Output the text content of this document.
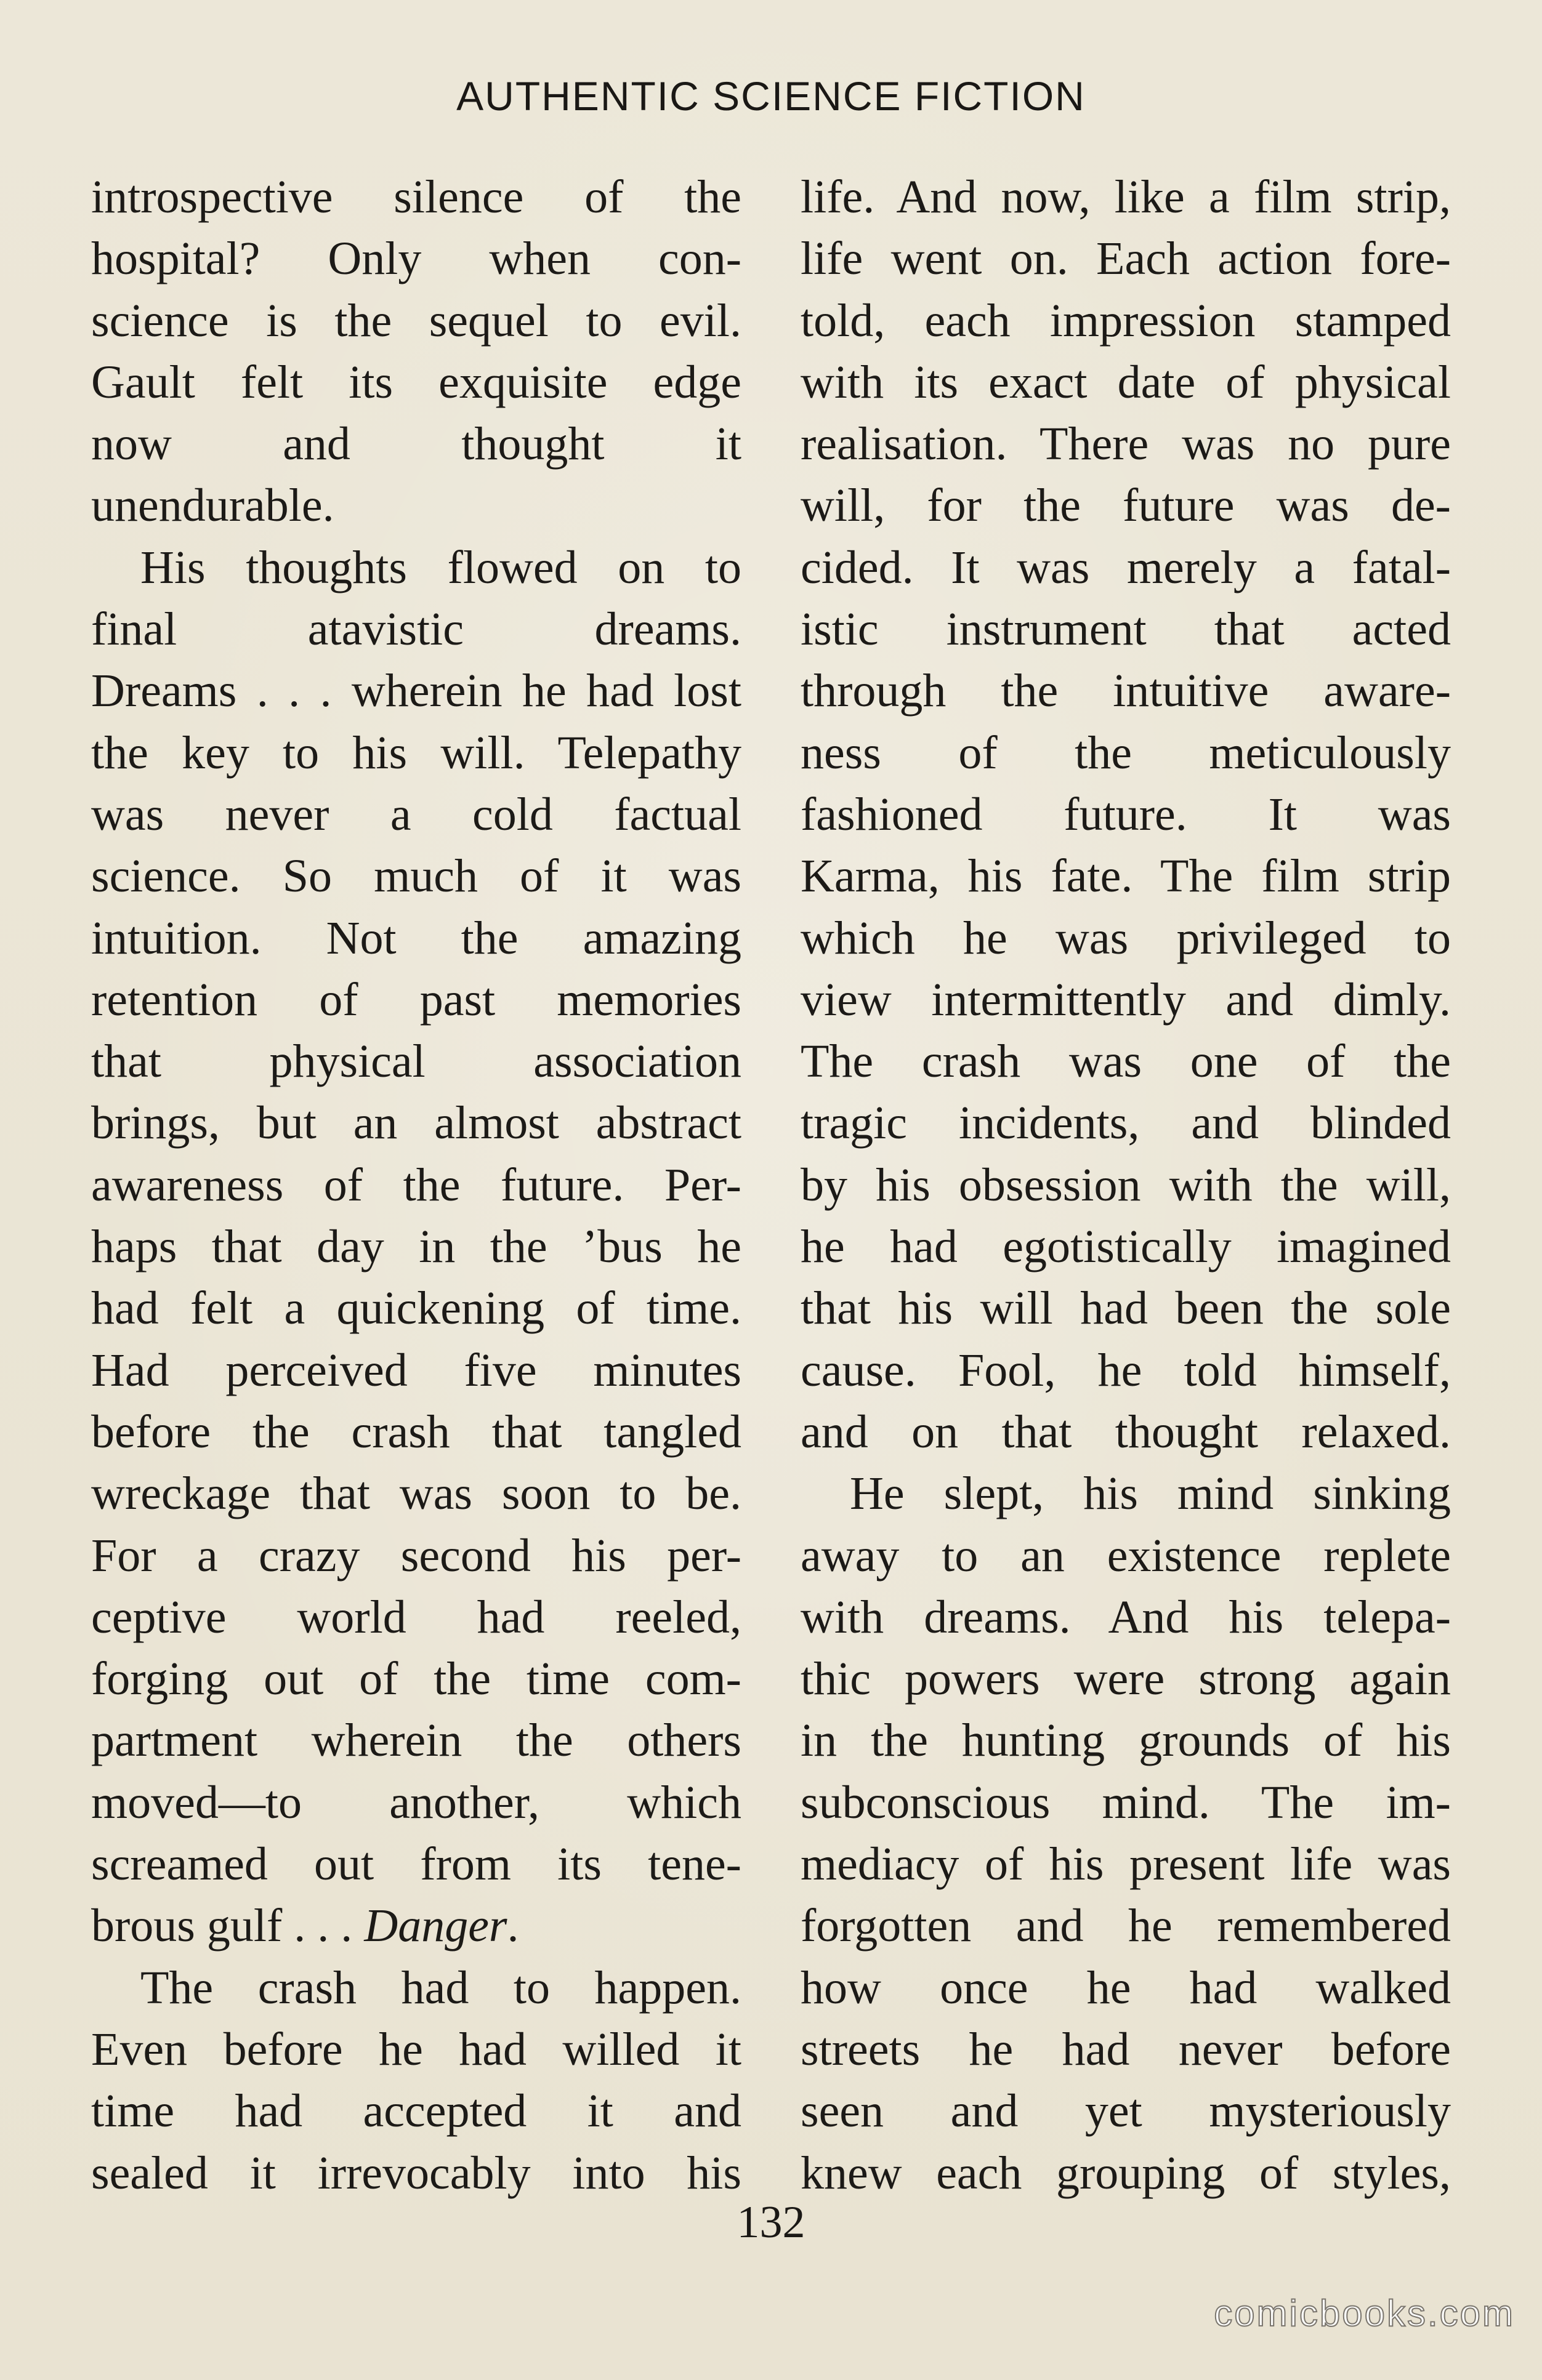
AUTHENTIC SCIENCE FICTION
introspective silence of the
hospital? Only when con-
science is the sequel to evil.
Gault felt its exquisite edge
now and thought it
unendurable.
His thoughts flowed on to
final atavistic dreams.
Dreams . . . wherein he had lost
the key to his will. Telepathy
was never a cold factual
science. So much of it was
intuition. Not the amazing
retention of past memories
that physical association
brings, but an almost abstract
awareness of the future. Per-
haps that day in the ’bus he
had felt a quickening of time.
Had perceived five minutes
before the crash that tangled
wreckage that was soon to be.
For a crazy second his per-
ceptive world had reeled,
forging out of the time com-
partment wherein the others
moved—to another, which
screamed out from its tene-
brous gulf . . . Danger.
The crash had to happen.
Even before he had willed it
time had accepted it and
sealed it irrevocably into his
life. And now, like a film strip,
life went on. Each action fore-
told, each impression stamped
with its exact date of physical
realisation. There was no pure
will, for the future was de-
cided. It was merely a fatal-
istic instrument that acted
through the intuitive aware-
ness of the meticulously
fashioned future. It was
Karma, his fate. The film strip
which he was privileged to
view intermittently and dimly.
The crash was one of the
tragic incidents, and blinded
by his obsession with the will,
he had egotistically imagined
that his will had been the sole
cause. Fool, he told himself,
and on that thought relaxed.
He slept, his mind sinking
away to an existence replete
with dreams. And his telepa-
thic powers were strong again
in the hunting grounds of his
subconscious mind. The im-
mediacy of his present life was
forgotten and he remembered
how once he had walked
streets he had never before
seen and yet mysteriously
knew each grouping of styles,
132
comicbooks.com
